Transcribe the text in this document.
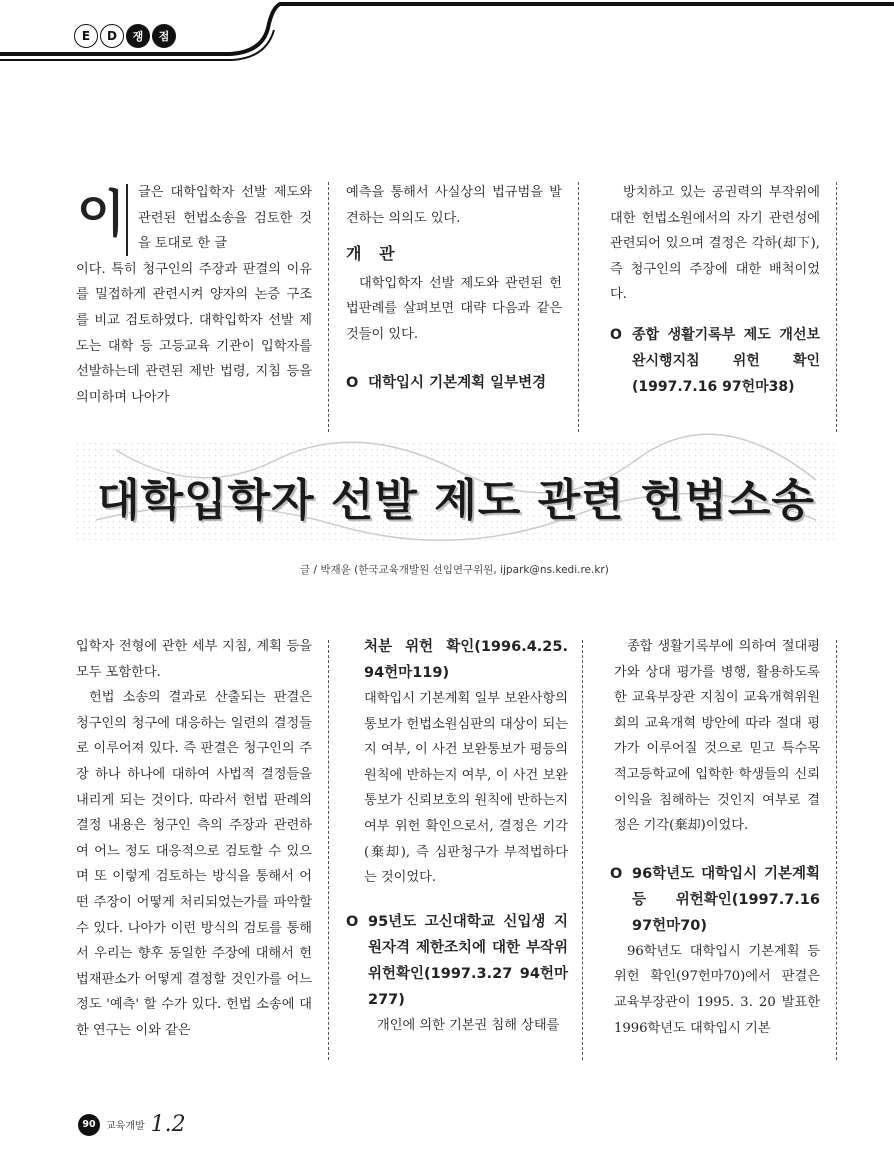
E	D	쟁	점
이 글은 대학입학자 선발 제도와 관련된 헌법소송을 검토한 것을 토대로 한 글

이다. 특히 청구인의 주장과 판결의 이유를 밀접하게 관련시켜 양자의 논증 구조를 비교 검토하였다. 대학입학자 선발 제도는 대학 등 고등교육 기관이 입학자를 선발하는데 관련된 제반 법령, 지침 등을 의미하며 나아가

예측을 통해서 사실상의 법규범을 발견하는 의의도 있다.

개 관

대학입학자 선발 제도와 관련된 헌법판례를 살펴보면 대략 다음과 같은 것들이 있다.

O 대학입시 기본계획 일부변경

방치하고 있는 공권력의 부작위에 대한 헌법소원에서의 자기 관련성에 관련되어 있으며 결정은 각하(却下), 즉 청구인의 주장에 대한 배척이었다.

O 종합 생활기록부 제도 개선보완시행지침 위헌 확인(1997.7.16 97헌마38)
대학입학자 선발 제도 관련 헌법소송
글 / 박재윤 (한국교육개발원 선임연구위원, ijpark@ns.kedi.re.kr)

입학자 전형에 관한 세부 지침, 계획 등을 모두 포함한다.

헌법 소송의 결과로 산출되는 판결은 청구인의 청구에 대응하는 일련의 결정들로 이루어져 있다. 즉 판결은 청구인의 주장 하나 하나에 대하여 사법적 결정들을 내리게 되는 것이다. 따라서 헌법 판례의 결정 내용은 청구인 측의 주장과 관련하여 어느 정도 대응적으로 검토할 수 있으며 또 이렇게 검토하는 방식을 통해서 어떤 주장이 어떻게 처리되었는가를 파악할 수 있다. 나아가 이런 방식의 검토를 통해서 우리는 향후 동일한 주장에 대해서 헌법재판소가 어떻게 결정할 것인가를 어느 정도 '예측' 할 수가 있다. 헌법 소송에 대한 연구는 이와 같은

처분 위헌 확인(1996.4.25. 94헌마119)

대학입시 기본계획 일부 보완사항의 통보가 헌법소원심판의 대상이 되는지 여부, 이 사건 보완통보가 평등의 원칙에 반하는지 여부, 이 사건 보완통보가 신뢰보호의 원칙에 반하는지 여부 위헌 확인으로서, 결정은 기각(棄却), 즉 심판청구가 부적법하다는 것이었다.

O 95년도 고신대학교 신입생 지원자격 제한조치에 대한 부작위 위헌확인(1997.3.27 94헌마277)

개인에 의한 기본권 침해 상태를

종합 생활기록부에 의하여 절대평가와 상대 평가를 병행, 활용하도록 한 교육부장관 지침이 교육개혁위원회의 교육개혁 방안에 따라 절대 평가가 이루어질 것으로 믿고 특수목적고등학교에 입학한 학생들의 신뢰 이익을 침해하는 것인지 여부로 결정은 기각(棄却)이었다.

O 96학년도 대학입시 기본계획 등 위헌확인(1997.7.16 97헌마70)

96학년도 대학입시 기본계획 등 위헌 확인(97헌마70)에서 판결은 교육부장관이 1995. 3. 20 발표한 1996학년도 대학입시 기본

90	교육개발 1.2
